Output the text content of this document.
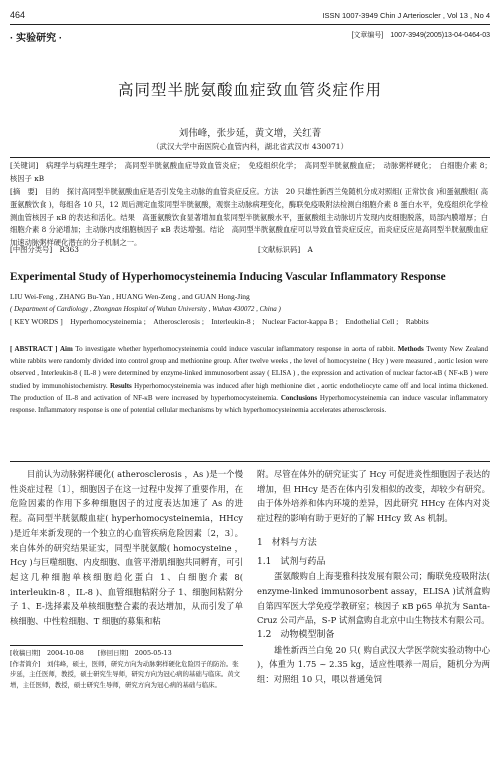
464	ISSN 1007-3949 Chin J Arterioscler , Vol 13 , No 4
· 实验研究 ·	[文章编号]　1007-3949(2005)13-04-0464-03
高同型半胱氨酸血症致血管炎症作用
刘伟峰，张步延，黄文增，关红菁
（武汉大学中南医院心血管内科，湖北省武汉市 430071）
[关键词]　病理学与病理生理学；　高同型半胱氨酸血症导致血管炎症；　免疫组织化学；　高同型半胱氨酸血症；　动脉粥样硬化；　白细胞介素 8；　核因子 κB
[摘　要]　目的　探讨高同型半胱氨酸血症是否引发兔主动脉的血管炎症反应。方法　20 只雄性新西兰兔随机分成对照组( 正常饮食 )和蛋氨酸组( 高蛋氨酸饮食 )，每组各 10 只，12 周后测定血浆同型半胱氨酸，观察主动脉病理变化，酶联免疫吸附法检测白细胞介素 8 蛋白水平，免疫组织化学检测血管核因子 κB 的表达和活化。结果　高蛋氨酸饮食显著增加血浆同型半胱氨酸水平，蛋氨酸组主动脉切片发现内皮细胞脱落，局部内膜增厚；白细胞介素 8 分泌增加；主动脉内皮细胞核因子 κB 表达增强。结论　高同型半胱氨酸血症可以导致血管炎症反应，而炎症反应是高同型半胱氨酸血症加速动脉粥样硬化潜在的分子机制之一。
[中图分类号]　R363	[文献标识码]　A
Experimental Study of Hyperhomocysteinemia Inducing Vascular Inflammatory Response
LIU Wei-Feng , ZHANG Bu-Yan , HUANG Wen-Zeng , and GUAN Hong-Jing
( Department of Cardiology , Zhongnan Hospital of Wuhan University , Wuhan 430072 , China )
[ KEY WORDS ]　Hyperhomocysteinemia ;　Atherosclerosis ;　Interleukin-8 ;　Nuclear Factor-kappa B ;　Endothelial Cell ;　Rabbits
[ ABSTRACT ] Aim To investigate whether hyperhomocysteinemia could induce vascular inflammatory response in aorta of rabbit. Methods Twenty New Zealand white rabbits were randomly divided into control group and methionine group. After twelve weeks , the level of homocysteine ( Hcy ) were measured , aortic lesion were observed , Interleukin-8 ( IL-8 ) were determined by enzyme-linked immunosorbent assay ( ELISA ) , the expression and activation of nuclear factor-κB ( NF-κB ) were studied by immunohistochemistry. Results Hyperhomocysteinemia was induced after high methionine diet , aortic endotheliocyte came off and local intima thickened. The production of IL-8 and activation of NF-κB were increased by hyperhomocysteinemia. Conclusions Hyperhomocysteinemia can induce vascular inflammatory response. Inflammatory response is one of potential cellular mechanisms by which hyperhomocysteinemia accelerates atherosclerosis.
　　目前认为动脉粥样硬化( atherosclerosis ，As )是一个慢性炎症过程〔1〕，细胞因子在这一过程中发挥了重要作用，在危险因素的作用下多种细胞因子的过度表达加速了 As 的进程。高同型半胱氨酸血症( hyperhomocysteinemia，HHcy )是近年来新发现的一个独立的心血管疾病危险因素〔2，3〕。来自体外的研究结果证实，同型半胱氨酸( homocysteine ，Hcy )与巨噬细胞、内皮细胞、血管平滑肌细胞共同孵育，可引起这几种细胞单核细胞趋化蛋白 1、白细胞介素 8( interleukin-8 ，IL-8 )、血管细胞粘附分子 1、细胞间粘附分子 1、E-选择素及单核细胞整合素的表达增加，从而引发了单核细胞、中性粒细胞、T 细胞的募集和粘
[收稿日期]　2004-10-08 [修回日期]　2005-05-13
[作者简介]　刘伟峰，硕士，医师，研究方向为动脉粥样硬化危险因子的防治。张步延，主任医师，教授，硕士研究生导师，研究方向为冠心病的基础与临床。黄文增，主任医师，教授，硕士研究生导师，研究方向为冠心病的基础与临床。
附。尽管在体外的研究证实了 Hcy 可促进炎性细胞因子表达的增加，但 HHcy 是否在体内引发相似的改变，却较少有研究。由于体外培养和体内环境的差异，因此研究 HHcy 在体内对炎症过程的影响有助于更好的了解 HHcy 致 As 机制。
1　材料与方法
1.1　试剂与药品
　　蛋氨酸购自上海斐雅科技发展有限公司；酶联免疫吸附法( enzyme-linked immunosorbent assay，ELISA )试剂盒购自第四军医大学免疫学教研室；核因子 κB p65 单抗为 Santa-Cruz 公司产品，S-P 试剂盒购自北京中山生物技术有限公司。
1.2　动物模型制备
　　雄性新西兰白兔 20 只( 购自武汉大学医学院实验动物中心 )，体重为 1.75 ~ 2.35 kg，适应性喂养一周后，随机分为两组：对照组 10 只，喂以普通兔饲
